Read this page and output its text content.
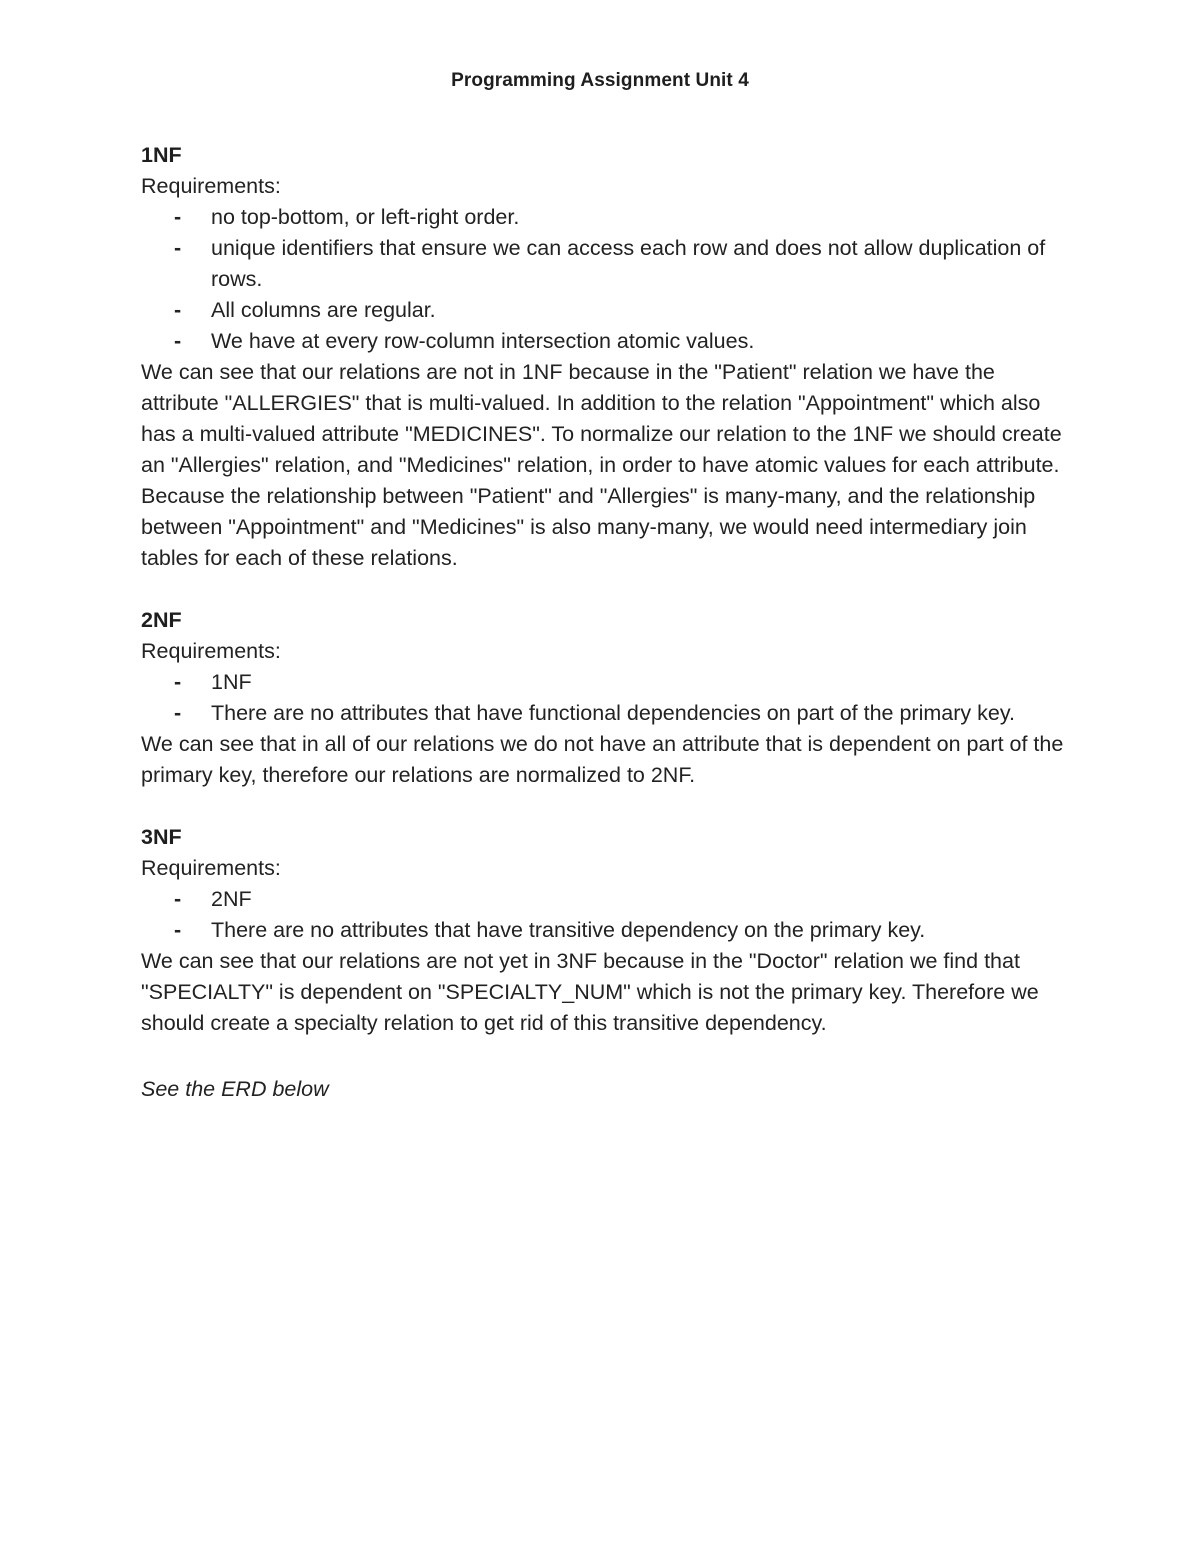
Programming Assignment Unit 4

1NF

Requirements:

- no top-bottom, or left-right order.
- unique identifiers that ensure we can access each row and does not allow duplication of rows.
- All columns are regular.
- We have at every row-column intersection atomic values.

We can see that our relations are not in 1NF because in the "Patient" relation we have the attribute "ALLERGIES" that is multi-valued. In addition to the relation "Appointment" which also has a multi-valued attribute "MEDICINES". To normalize our relation to the 1NF we should create an "Allergies" relation, and "Medicines" relation, in order to have atomic values for each attribute.

Because the relationship between "Patient" and "Allergies" is many-many, and the relationship between "Appointment" and "Medicines" is also many-many, we would need intermediary join tables for each of these relations.

2NF

Requirements:

- 1NF
- There are no attributes that have functional dependencies on part of the primary key.

We can see that in all of our relations we do not have an attribute that is dependent on part of the primary key, therefore our relations are normalized to 2NF.

3NF

Requirements:

- 2NF
- There are no attributes that have transitive dependency on the primary key.

We can see that our relations are not yet in 3NF because in the "Doctor" relation we find that "SPECIALTY" is dependent on "SPECIALTY_NUM" which is not the primary key. Therefore we should create a specialty relation to get rid of this transitive dependency.

See the ERD below
